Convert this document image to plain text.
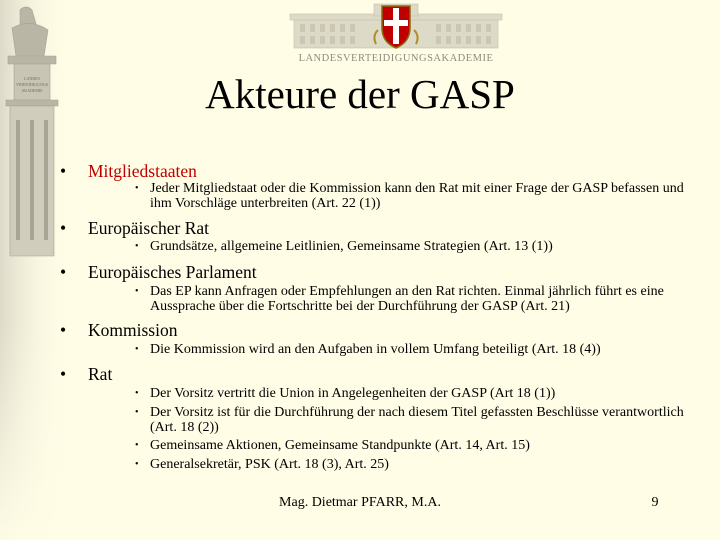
LANDESVERTEIDIGUNGSAKADEMIE
Akteure der GASP
• Mitgliedstaaten
• Jeder Mitgliedstaat oder die Kommission kann den Rat mit einer Frage der GASP befassen und ihm Vorschläge unterbreiten (Art. 22 (1))
• Europäischer Rat
• Grundsätze, allgemeine Leitlinien, Gemeinsame Strategien (Art. 13 (1))
• Europäisches Parlament
• Das EP kann Anfragen oder Empfehlungen an den Rat richten. Einmal jährlich führt es eine Aussprache über die Fortschritte bei der Durchführung der GASP (Art. 21)
• Kommission
• Die Kommission wird an den Aufgaben in vollem Umfang beteiligt (Art. 18 (4))
• Rat
• Der Vorsitz vertritt die Union in Angelegenheiten der GASP (Art 18 (1))
• Der Vorsitz ist für die Durchführung der nach diesem Titel gefassten Beschlüsse verantwortlich (Art. 18 (2))
• Gemeinsame Aktionen, Gemeinsame Standpunkte (Art. 14, Art. 15)
• Generalsekretär, PSK (Art. 18 (3), Art. 25)
Mag. Dietmar PFARR, M.A.	9
